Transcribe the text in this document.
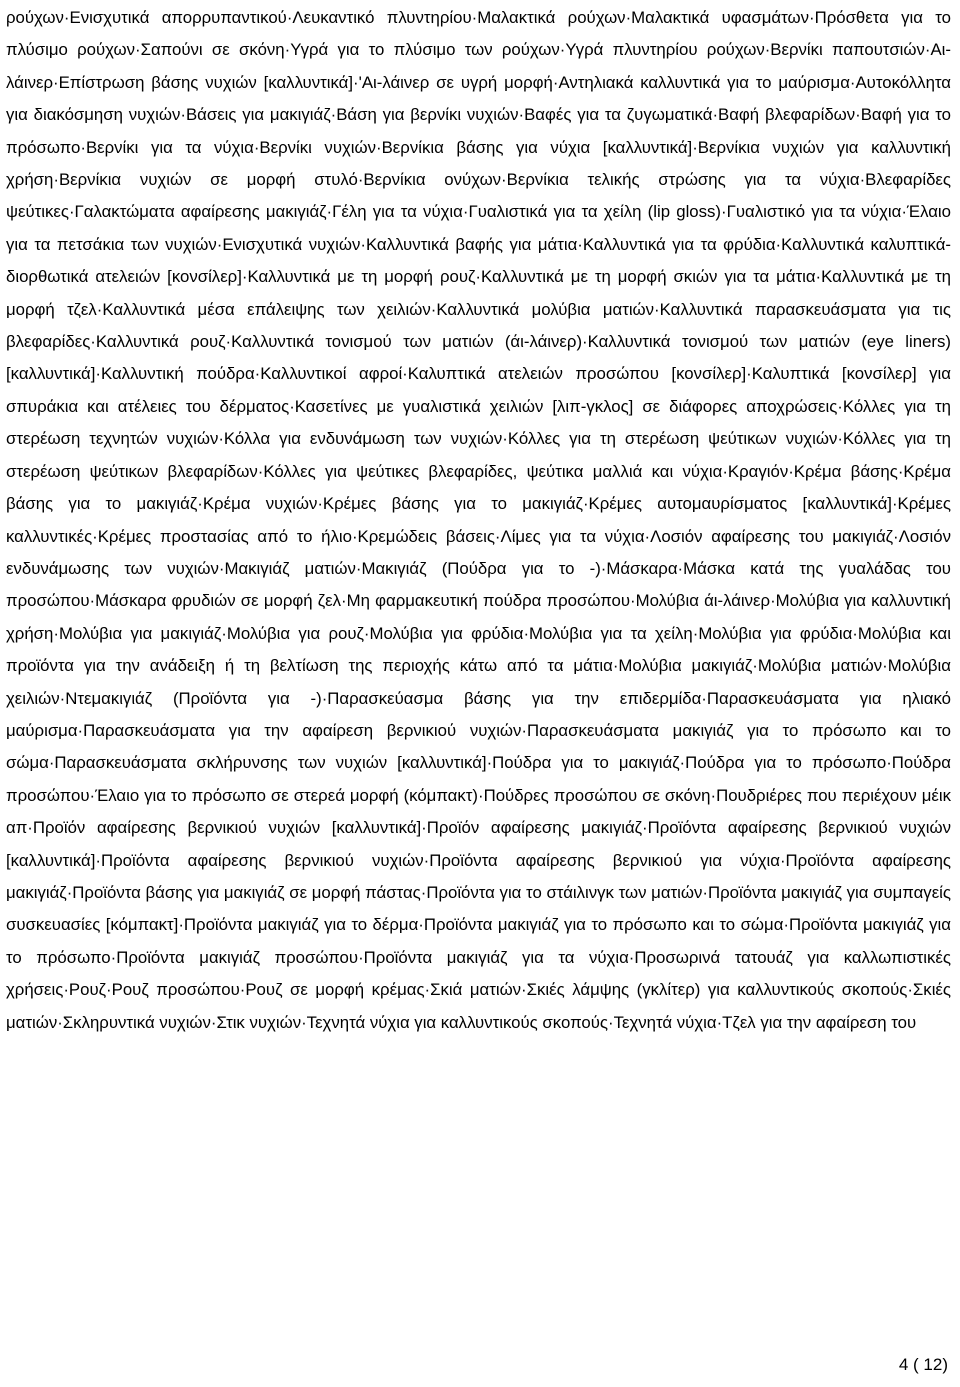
ρούχων·Ενισχυτικά απορρυπαντικού·Λευκαντικό πλυντηρίου·Μαλακτικά ρούχων·Μαλακτικά υφασμάτων·Πρόσθετα για το πλύσιμο ρούχων·Σαπούνι σε σκόνη·Υγρά για το πλύσιμο των ρούχων·Υγρά πλυντηρίου ρούχων·Βερνίκι παπουτσιών·Αι-λάινερ·Επίστρωση βάσης νυχιών [καλλυντικά]·'Αι-λάινερ σε υγρή μορφή·Αντηλιακά καλλυντικά για το μαύρισμα·Αυτοκόλλητα για διακόσμηση νυχιών·Βάσεις για μακιγιάζ·Βάση για βερνίκι νυχιών·Βαφές για τα ζυγωματικά·Βαφή βλεφαρίδων·Βαφή για το πρόσωπο·Βερνίκι για τα νύχια·Βερνίκι νυχιών·Βερνίκια βάσης για νύχια [καλλυντικά]·Βερνίκια νυχιών για καλλυντική χρήση·Βερνίκια νυχιών σε μορφή στυλό·Βερνίκια ονύχων·Βερνίκια τελικής στρώσης για τα νύχια·Βλεφαρίδες ψεύτικες·Γαλακτώματα αφαίρεσης μακιγιάζ·Γέλη για τα νύχια·Γυαλιστικά για τα χείλη (lip gloss)·Γυαλιστικό για τα νύχια·Έλαιο για τα πετσάκια των νυχιών·Ενισχυτικά νυχιών·Καλλυντικά βαφής για μάτια·Καλλυντικά για τα φρύδια·Καλλυντικά καλυπτικά-διορθωτικά ατελειών [κονσίλερ]·Καλλυντικά με τη μορφή ρουζ·Καλλυντικά με τη μορφή σκιών για τα μάτια·Καλλυντικά με τη μορφή τζελ·Καλλυντικά μέσα επάλειψης των χειλιών·Καλλυντικά μολύβια ματιών·Καλλυντικά παρασκευάσματα για τις βλεφαρίδες·Καλλυντικά ρουζ·Καλλυντικά τονισμού των ματιών (άι-λάινερ)·Καλλυντικά τονισμού των ματιών (eye liners) [καλλυντικά]·Καλλυντική πούδρα·Καλλυντικοί αφροί·Καλυπτικά ατελειών προσώπου [κονσίλερ]·Καλυπτικά [κονσίλερ] για σπυράκια και ατέλειες του δέρματος·Κασετίνες με γυαλιστικά χειλιών [λιπ-γκλος] σε διάφορες αποχρώσεις·Κόλλες για τη στερέωση τεχνητών νυχιών·Κόλλα για ενδυνάμωση των νυχιών·Κόλλες για τη στερέωση ψεύτικων νυχιών·Κόλλες για τη στερέωση ψεύτικων βλεφαρίδων·Κόλλες για ψεύτικες βλεφαρίδες, ψεύτικα μαλλιά και νύχια·Κραγιόν·Κρέμα βάσης·Κρέμα βάσης για το μακιγιάζ·Κρέμα νυχιών·Κρέμες βάσης για το μακιγιάζ·Κρέμες αυτομαυρίσματος [καλλυντικά]·Κρέμες καλλυντικές·Κρέμες προστασίας από το ήλιο·Κρεμώδεις βάσεις·Λίμες για τα νύχια·Λοσιόν αφαίρεσης του μακιγιάζ·Λοσιόν ενδυνάμωσης των νυχιών·Μακιγιάζ ματιών·Μακιγιάζ (Πούδρα για το -)·Μάσκαρα·Μάσκα κατά της γυαλάδας του προσώπου·Μάσκαρα φρυδιών σε μορφή ζελ·Μη φαρμακευτική πούδρα προσώπου·Μολύβια άι-λάινερ·Μολύβια για καλλυντική χρήση·Μολύβια για μακιγιάζ·Μολύβια για ρουζ·Μολύβια για φρύδια·Μολύβια για τα χείλη·Μολύβια για φρύδια·Μολύβια και προϊόντα για την ανάδειξη ή τη βελτίωση της περιοχής κάτω από τα μάτια·Μολύβια μακιγιάζ·Μολύβια ματιών·Μολύβια χειλιών·Ντεμακιγιάζ (Προϊόντα για -)·Παρασκεύασμα βάσης για την επιδερμίδα·Παρασκευάσματα για ηλιακό μαύρισμα·Παρασκευάσματα για την αφαίρεση βερνικιού νυχιών·Παρασκευάσματα μακιγιάζ για το πρόσωπο και το σώμα·Παρασκευάσματα σκλήρυνσης των νυχιών [καλλυντικά]·Πούδρα για το μακιγιάζ·Πούδρα για το πρόσωπο·Πούδρα προσώπου·Έλαιο για το πρόσωπο σε στερεά μορφή (κόμπακτ)·Πούδρες προσώπου σε σκόνη·Πουδριέρες που περιέχουν μέικ απ·Προϊόν αφαίρεσης βερνικιού νυχιών [καλλυντικά]·Προϊόν αφαίρεσης μακιγιάζ·Προϊόντα αφαίρεσης βερνικιού νυχιών [καλλυντικά]·Προϊόντα αφαίρεσης βερνικιού νυχιών·Προϊόντα αφαίρεσης βερνικιού για νύχια·Προϊόντα αφαίρεσης μακιγιάζ·Προϊόντα βάσης για μακιγιάζ σε μορφή πάστας·Προϊόντα για το στάιλινγκ των ματιών·Προϊόντα μακιγιάζ για συμπαγείς συσκευασίες [κόμπακτ]·Προϊόντα μακιγιάζ για το δέρμα·Προϊόντα μακιγιάζ για το πρόσωπο και το σώμα·Προϊόντα μακιγιάζ για το πρόσωπο·Προϊόντα μακιγιάζ προσώπου·Προϊόντα μακιγιάζ για τα νύχια·Προσωρινά τατουάζ για καλλωπιστικές χρήσεις·Ρουζ·Ρουζ προσώπου·Ρουζ σε μορφή κρέμας·Σκιά ματιών·Σκιές λάμψης (γκλίτερ) για καλλυντικούς σκοπούς·Σκιές ματιών·Σκληρυντικά νυχιών·Στικ νυχιών·Τεχνητά νύχια για καλλυντικούς σκοπούς·Τεχνητά νύχια·Τζελ για την αφαίρεση του

4 ( 12)
